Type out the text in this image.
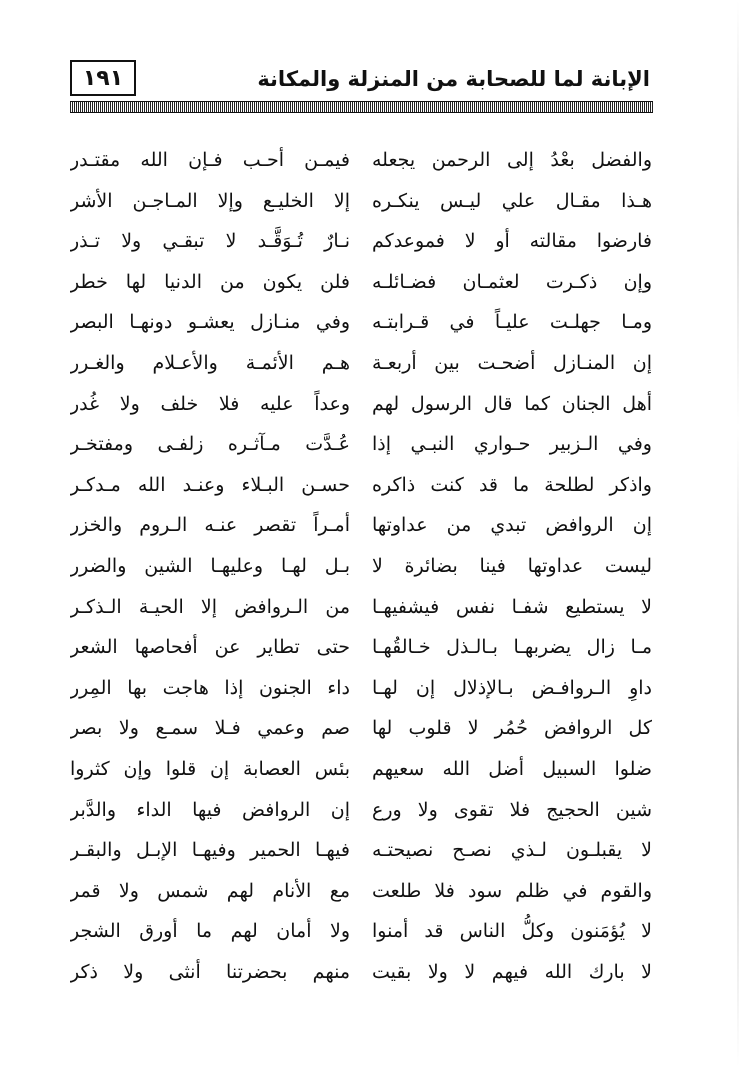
١٩١	الإبانة لما للصحابة من المنزلة والمكانة
والفضل بعْدُ إلى الرحمن يجعله
هـذا مقـال علي ليـس ينكـره
فارضوا مقالته أو لا فموعدكم
وإن ذكـرت لعثمـان فضـائلـه
ومـا جهلـت عليـاً في قـرابتـه
إن المنـازل أضحـت بين أربعـة
أهل الجنان كما قال الرسول لهم
وفي الـزبير حـواري النبـي إذا
واذكر لطلحة ما قد كنت ذاكره
إن الروافض تبدي من عداوتها
ليست عداوتها فينا بضائرة لا
لا يستطيع شفـا نفس فيشفيهـا
مـا زال يضربهـا بـالـذل خـالقُهـا
داوِ الـروافـض بـالإذلال إن لهـا
كل الروافض حُمُر لا قلوب لها
ضلوا السبيل أضل الله سعيهم
شين الحجيج فلا تقوى ولا ورع
لا يقبلـون لـذي نصـح نصيحتـه
والقوم في ظلم سود فلا طلعت
لا يُؤمَنون وكلُّ الناس قد أمنوا
لا بارك الله فيهم لا ولا بقيت
فيمـن أحـب فـإن الله مقتـدر
إلا الخليـع وإلا المـاجـن الأشر
نـارٌ تُـوَقَّـد لا تبقـي ولا تـذر
فلن يكون من الدنيا لها خطر
وفي منـازل يعشـو دونهـا البصر
هـم الأئمـة والأعـلام والغـرر
وعداً عليه فلا خلف ولا غُدر
عُـدَّت مـآثـره زلفـى ومفتخـر
حسـن البـلاء وعنـد الله مـدكـر
أمـراً تقصر عنـه الـروم والخزر
بـل لهـا وعليهـا الشين والضرر
من الـروافض إلا الحيـة الـذكـر
حتى تطاير عن أفحاصها الشعر
داء الجنون إذا هاجت بها المِرر
صم وعمي فـلا سمـع ولا بصر
بئس العصابة إن قلوا وإن كثروا
إن الروافض فيها الداء والدَّبر
فيهـا الحمير وفيهـا الإبـل والبقـر
مع الأنام لهم شمس ولا قمر
ولا أمان لهم ما أورق الشجر
منهم بحضرتنا أنثى ولا ذكر
